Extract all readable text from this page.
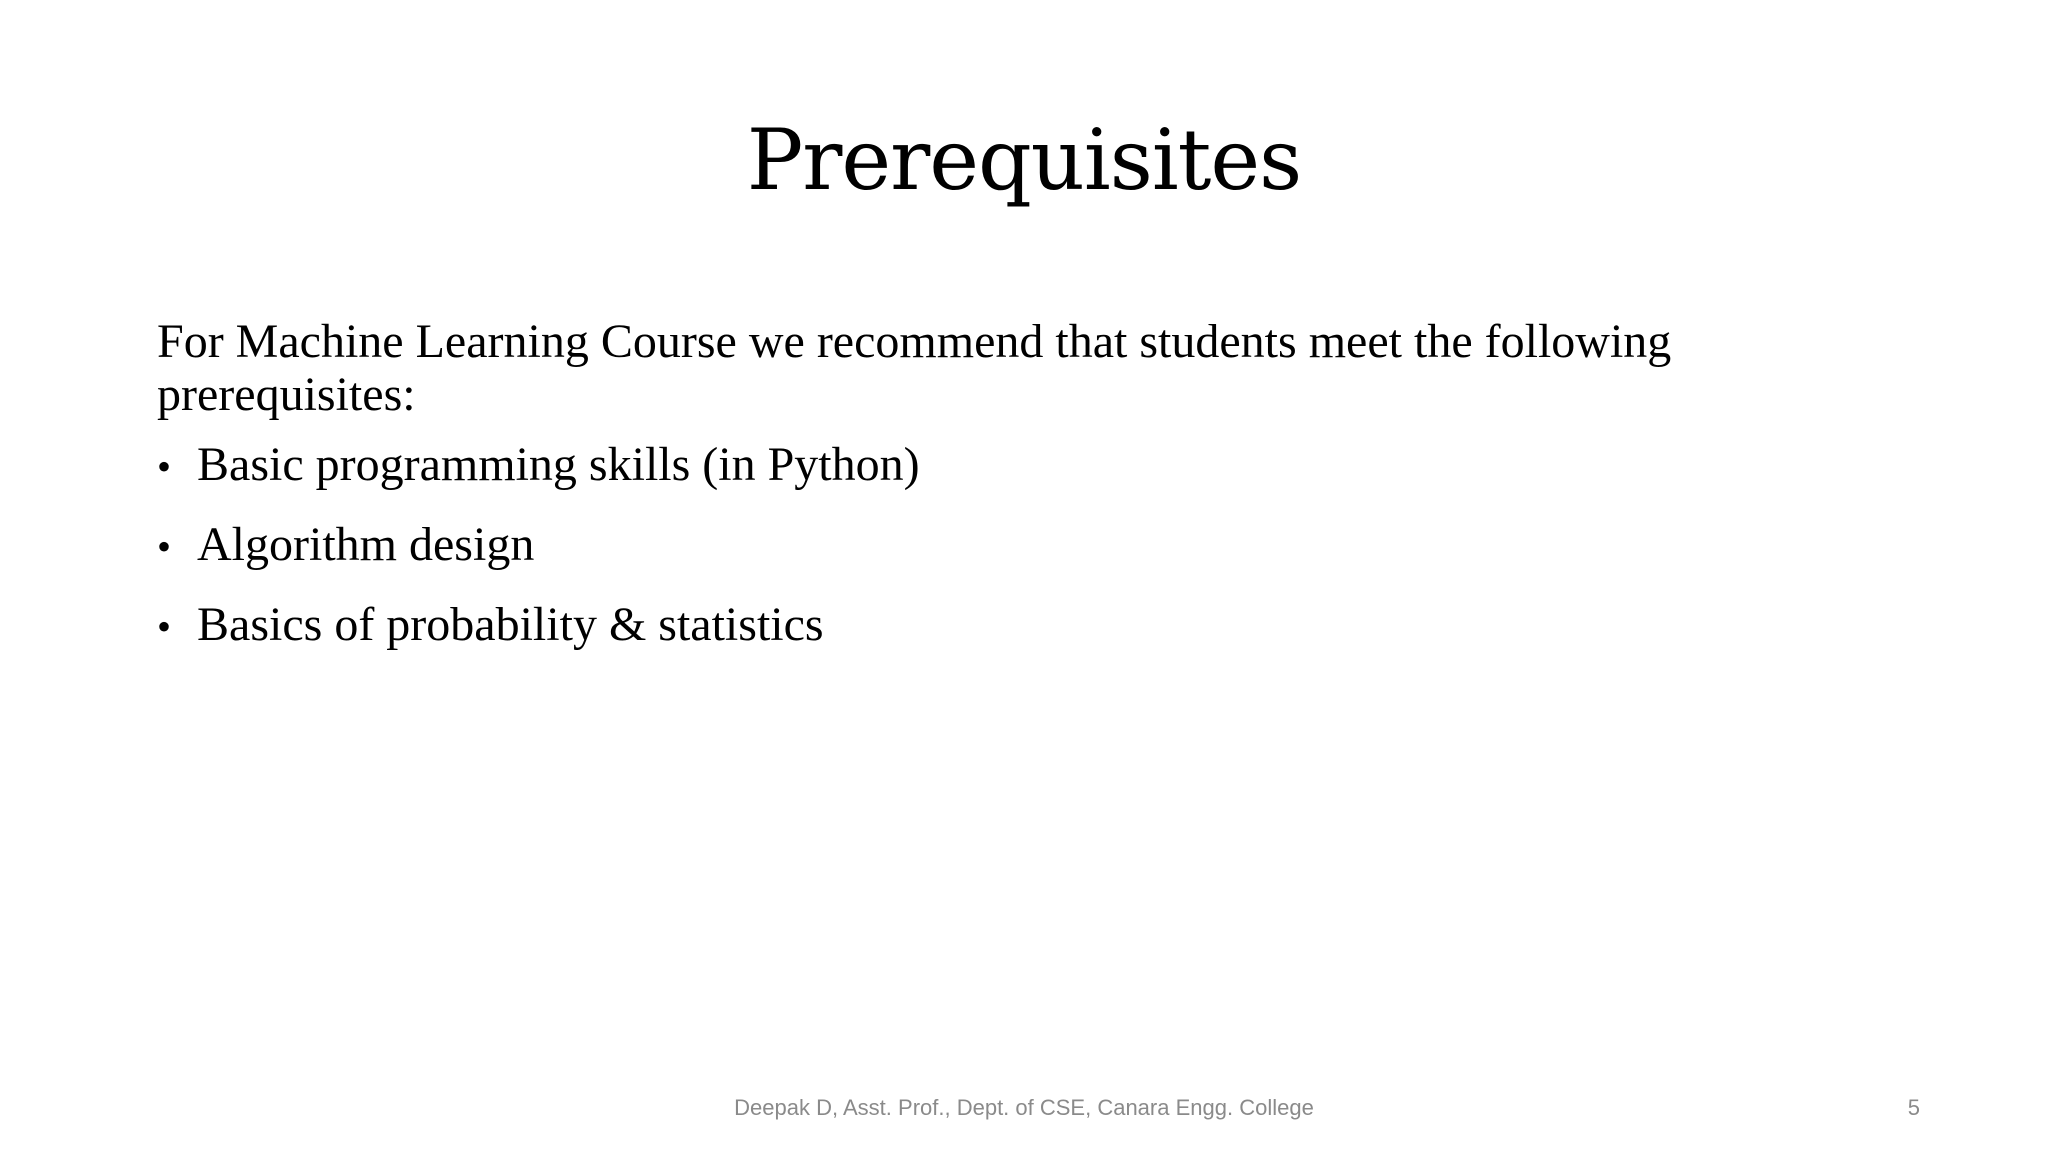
Prerequisites

For Machine Learning Course we recommend that students meet the following prerequisites:

• Basic programming skills (in Python)
• Algorithm design
• Basics of probability & statistics
Deepak D, Asst. Prof., Dept. of CSE, Canara Engg. College	5
